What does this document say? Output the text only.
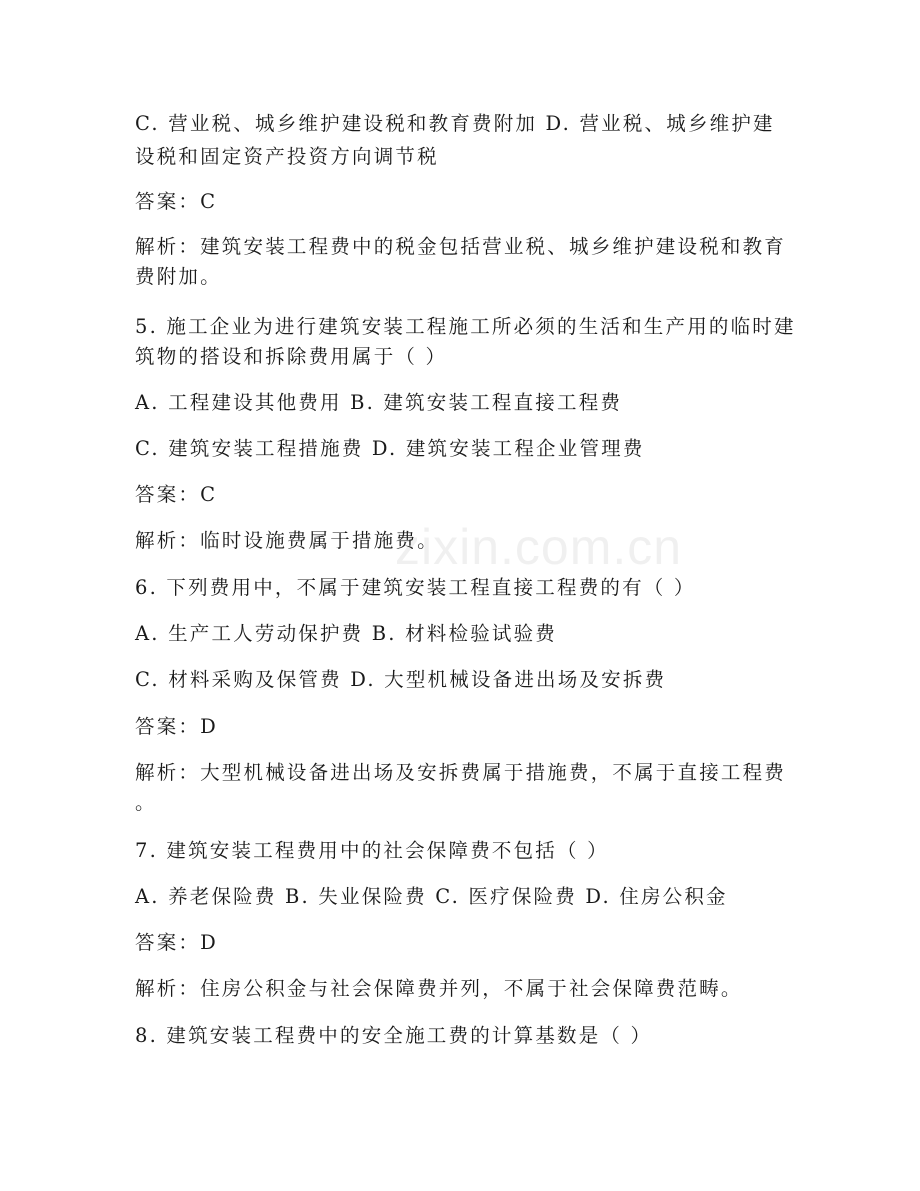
zixin.com.cn
C. 营业税、城乡维护建设税和教育费附加 D. 营业税、城乡维护建
设税和固定资产投资方向调节税
答案：C
解析：建筑安装工程费中的税金包括营业税、城乡维护建设税和教育
费附加。
5. 施工企业为进行建筑安装工程施工所必须的生活和生产用的临时建
筑物的搭设和拆除费用属于（ ）
A. 工程建设其他费用 B. 建筑安装工程直接工程费
C. 建筑安装工程措施费 D. 建筑安装工程企业管理费
答案：C
解析：临时设施费属于措施费。
6. 下列费用中，不属于建筑安装工程直接工程费的有（ ）
A. 生产工人劳动保护费 B. 材料检验试验费
C. 材料采购及保管费 D. 大型机械设备进出场及安拆费
答案：D
解析：大型机械设备进出场及安拆费属于措施费，不属于直接工程费
。
7. 建筑安装工程费用中的社会保障费不包括（ ）
A. 养老保险费 B. 失业保险费 C. 医疗保险费 D. 住房公积金
答案：D
解析：住房公积金与社会保障费并列，不属于社会保障费范畴。
8. 建筑安装工程费中的安全施工费的计算基数是（ ）
